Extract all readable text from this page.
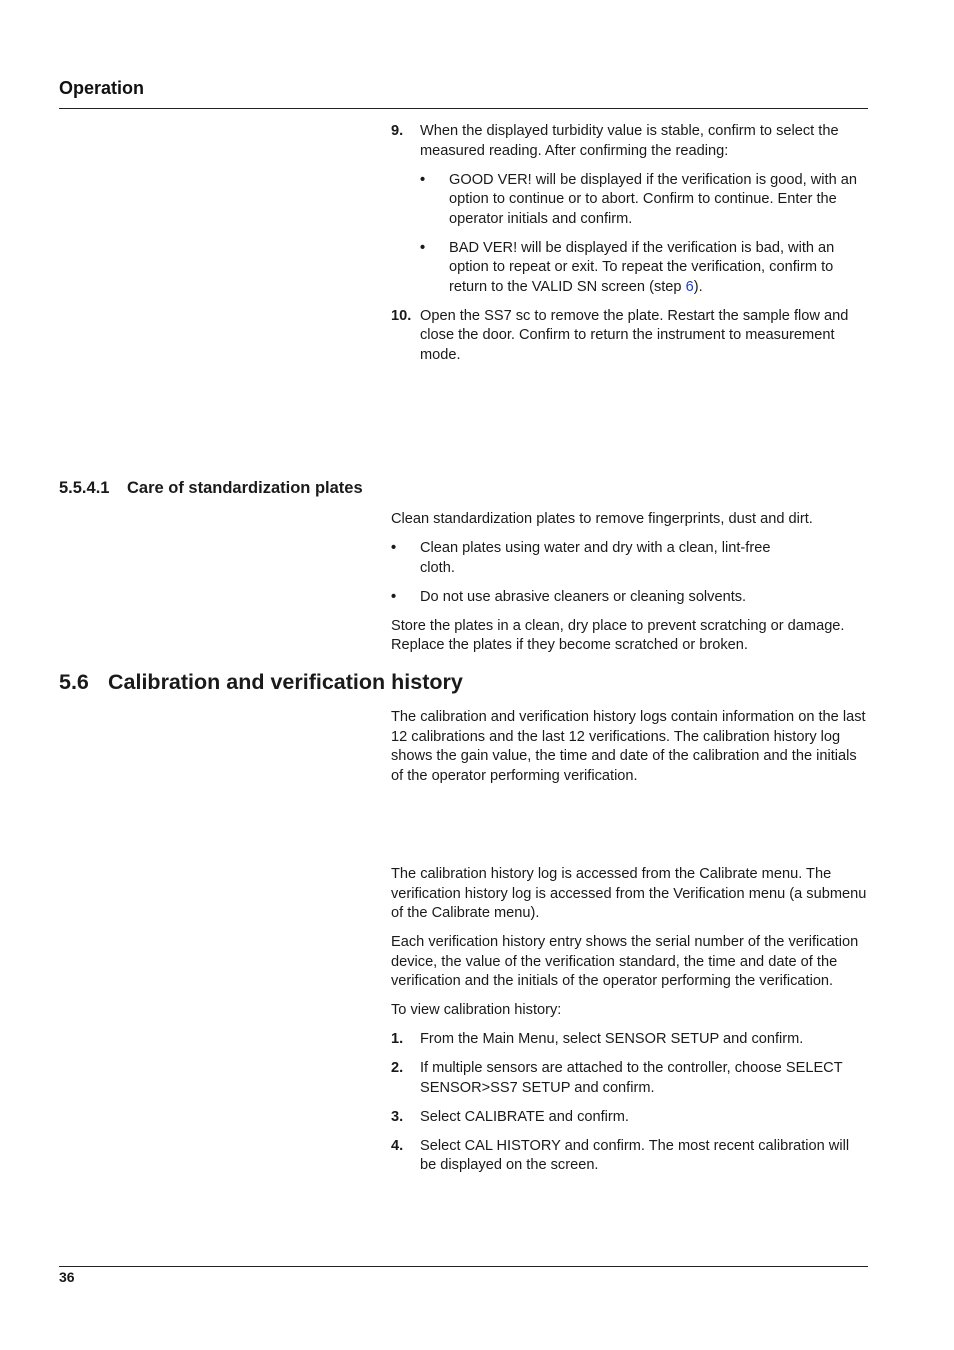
Operation
9.	When the displayed turbidity value is stable, confirm to select the measured reading. After confirming the reading:
•	GOOD VER! will be displayed if the verification is good, with an option to continue or to abort. Confirm to continue. Enter the operator initials and confirm.
•	BAD VER! will be displayed if the verification is bad, with an option to repeat or exit. To repeat the verification, confirm to return to the VALID SN screen (step 6).
10. Open the SS7 sc to remove the plate. Restart the sample flow and close the door. Confirm to return the instrument to measurement mode.
5.5.4.1 Care of standardization plates

Clean standardization plates to remove fingerprints, dust and dirt.

•	Clean plates using water and dry with a clean, lint-free cloth.
•	Do not use abrasive cleaners or cleaning solvents.

Store the plates in a clean, dry place to prevent scratching or damage. Replace the plates if they become scratched or broken.

5.6 Calibration and verification history

The calibration and verification history logs contain information on the last 12 calibrations and the last 12 verifications. The calibration history log shows the gain value, the time and date of the calibration and the initials of the operator performing verification.

The calibration history log is accessed from the Calibrate menu. The verification history log is accessed from the Verification menu (a submenu of the Calibrate menu).

Each verification history entry shows the serial number of the verification device, the value of the verification standard, the time and date of the verification and the initials of the operator performing the verification.

To view calibration history:

1.	From the Main Menu, select SENSOR SETUP and confirm.
2.	If multiple sensors are attached to the controller, choose SELECT SENSOR>SS7 SETUP and confirm.
3.	Select CALIBRATE and confirm.
4.	Select CAL HISTORY and confirm. The most recent calibration will be displayed on the screen.
36
